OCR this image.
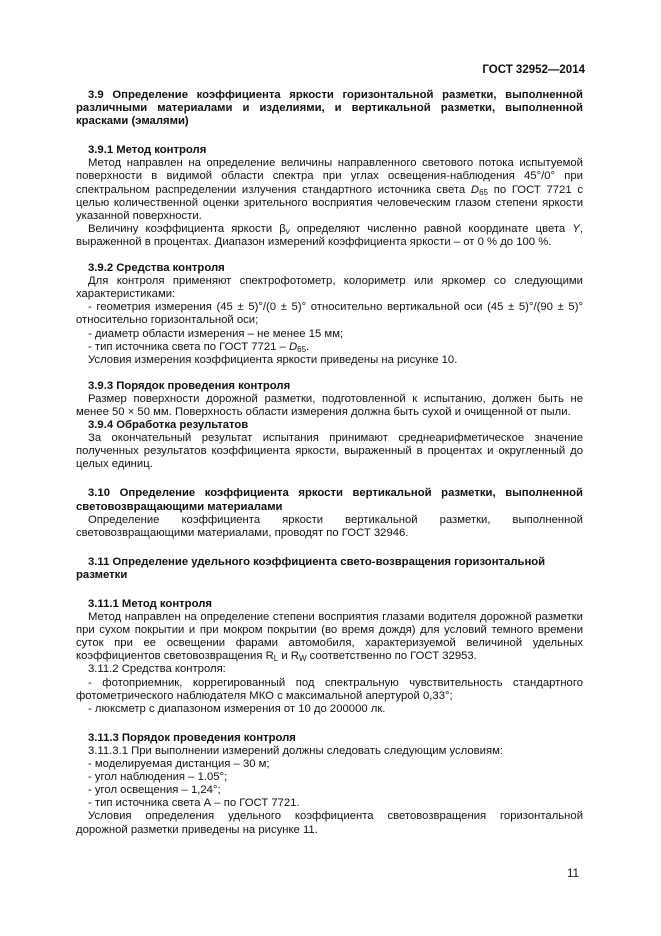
ГОСТ 32952—2014

3.9 Определение коэффициента яркости горизонтальной разметки, выполненной различными материалами и изделиями, и вертикальной разметки, выполненной красками (эмалями)

3.9.1 Метод контроля

Метод направлен на определение величины направленного светового потока испытуемой поверхности в видимой области спектра при углах освещения-наблюдения 45°/0° при спектральном распределении излучения стандартного источника света $D_{65}$ по ГОСТ 7721 с целью количественной оценки зрительного восприятия человеческим глазом степени яркости указанной поверхности.

Величину коэффициента яркости $\beta_v$ определяют численно равной координате цвета Y, выраженной в процентах. Диапазон измерений коэффициента яркости – от 0 % до 100 %.

3.9.2 Средства контроля

Для контроля применяют спектрофотометр, колориметр или яркомер со следующими характеристиками:

- геометрия измерения (45 ± 5)°/(0 ± 5)° относительно вертикальной оси (45 ± 5)°/(90 ± 5)° относительно горизонтальной оси;

- диаметр области измерения – не менее 15 мм;

- тип источника света по ГОСТ $7721 - D_{65}$.

Условия измерения коэффициента яркости приведены на рисунке 10.

3.9.3 Порядок проведения контроля

Размер поверхности дорожной разметки, подготовленной к испытанию, должен быть не менее 50 × 50 мм. Поверхность области измерения должна быть сухой и очищенной от пыли.

3.9.4 Обработка результатов

За окончательный результат испытания принимают среднеарифметическое значение полученных результатов коэффициента яркости, выраженный в процентах и округленный до целых единиц.

3.10 Определение коэффициента яркости вертикальной разметки, выполненной световозвращающими материалами

Определение коэффициента яркости вертикальной разметки, выполненной световозвращающими материалами, проводят по ГОСТ 32946.

3.11 Определение удельного коэффициента свето-возвращения горизонтальной разметки

3.11.1 Метод контроля

Метод направлен на определение степени восприятия глазами водителя дорожной разметки при сухом покрытии и при мокром покрытии (во время дождя) для условий темного времени суток при ее освещении фарами автомобиля, характеризуемой величиной удельных коэффициентов световозвращения $R_L$ и $R_W$ соответственно по ГОСТ 32953.

3.11.2 Средства контроля:

- фотоприемник, коррегированный под спектральную чувствительность стандартного фотометрического наблюдателя МКО с максимальной апертурой 0,33°;

- люксметр с диапазоном измерения от 10 до 200000 лк.

3.11.3 Порядок проведения контроля

3.11.3.1 При выполнении измерений должны следовать следующим условиям:

- моделируемая дистанция – 30 м;

- угол наблюдения – 1.05°;

- угол освещения – 1,24°;

- тип источника света А – по ГОСТ 7721.

Условия определения удельного коэффициента световозвращения горизонтальной дорожной разметки приведены на рисунке 11.

11
